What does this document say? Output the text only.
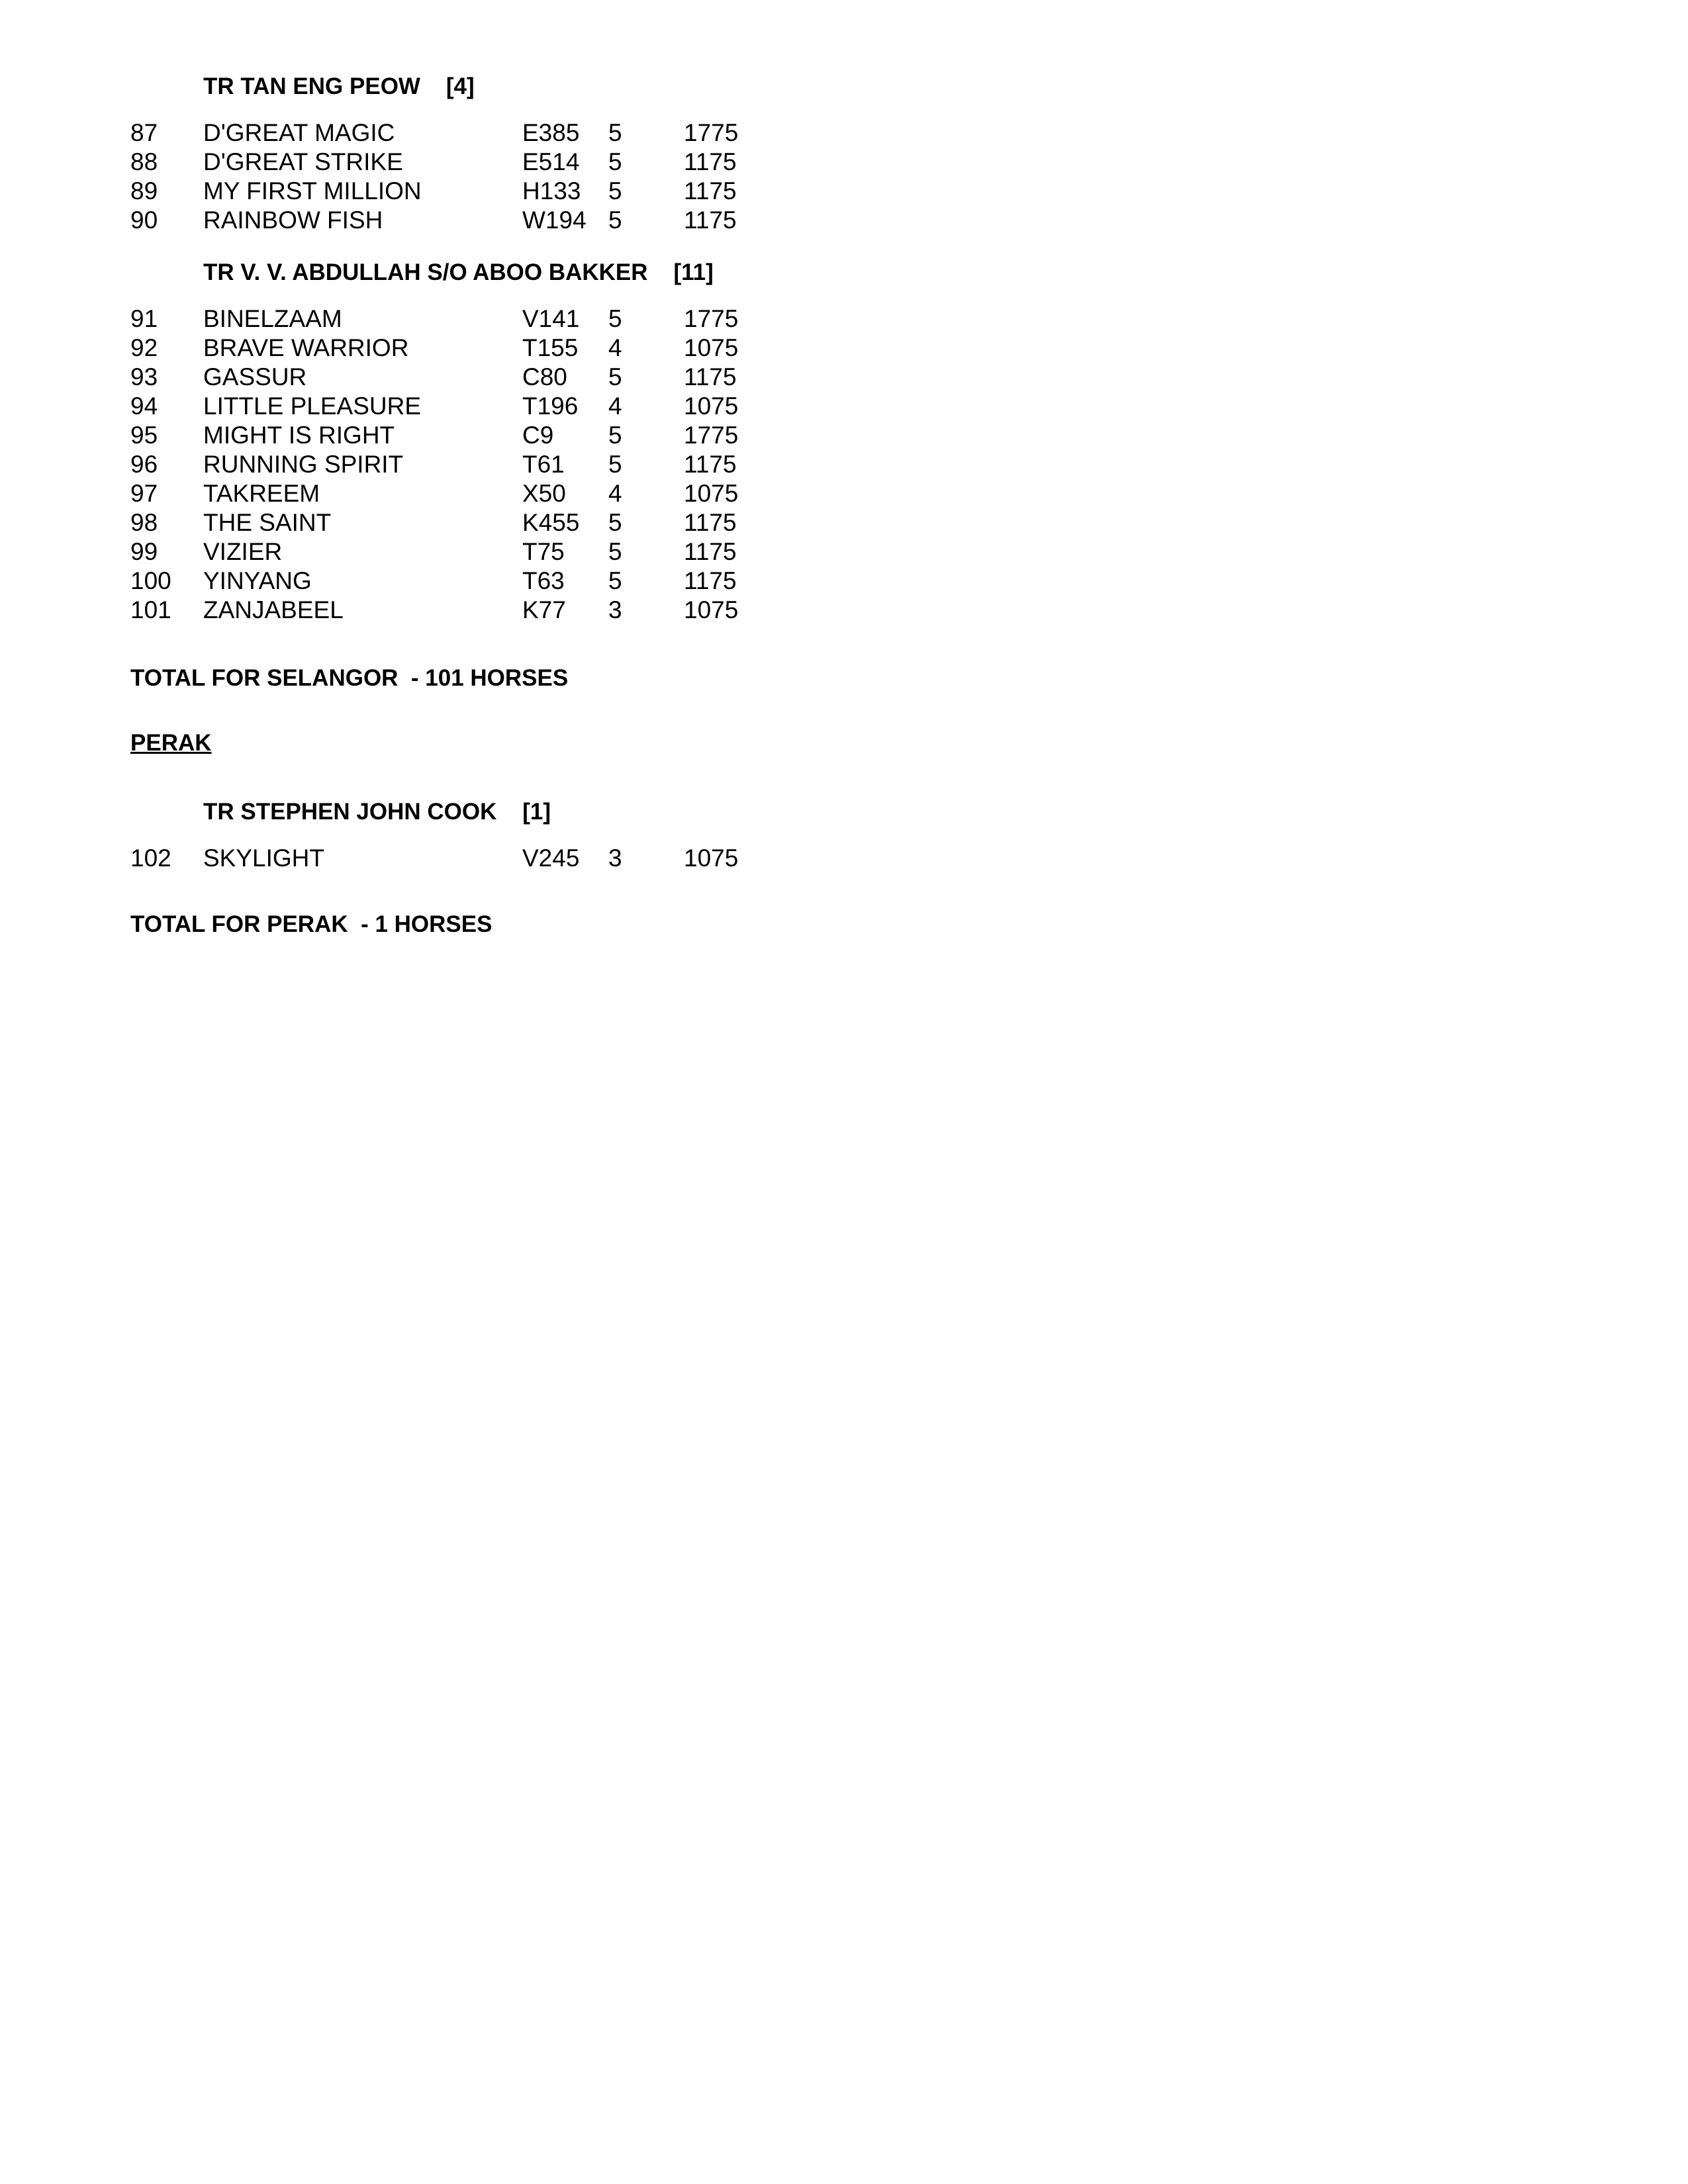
TR TAN ENG PEOW    [4]
87 D'GREAT MAGIC	E385 5	1775
88 D'GREAT STRIKE	E514 5	1175
89 MY FIRST MILLION	H133 5	1175
90 RAINBOW FISH	W194 5	1175
TR V. V. ABDULLAH S/O ABOO BAKKER    [11]
91 BINELZAAM	V141 5	1775
92 BRAVE WARRIOR	T155 4	1075
93 GASSUR	C80 5	1175
94 LITTLE PLEASURE	T196 4	1075
95 MIGHT IS RIGHT	C9 5	1775
96 RUNNING SPIRIT	T61 5	1175
97 TAKREEM	X50 4	1075
98 THE SAINT	K455 5	1175
99 VIZIER	T75 5	1175
100 YINYANG	T63 5	1175
101 ZANJABEEL	K77 3	1075
TOTAL FOR SELANGOR  - 101 HORSES
PERAK
TR STEPHEN JOHN COOK    [1]
102 SKYLIGHT	V245 3	1075
TOTAL FOR PERAK  - 1 HORSES
